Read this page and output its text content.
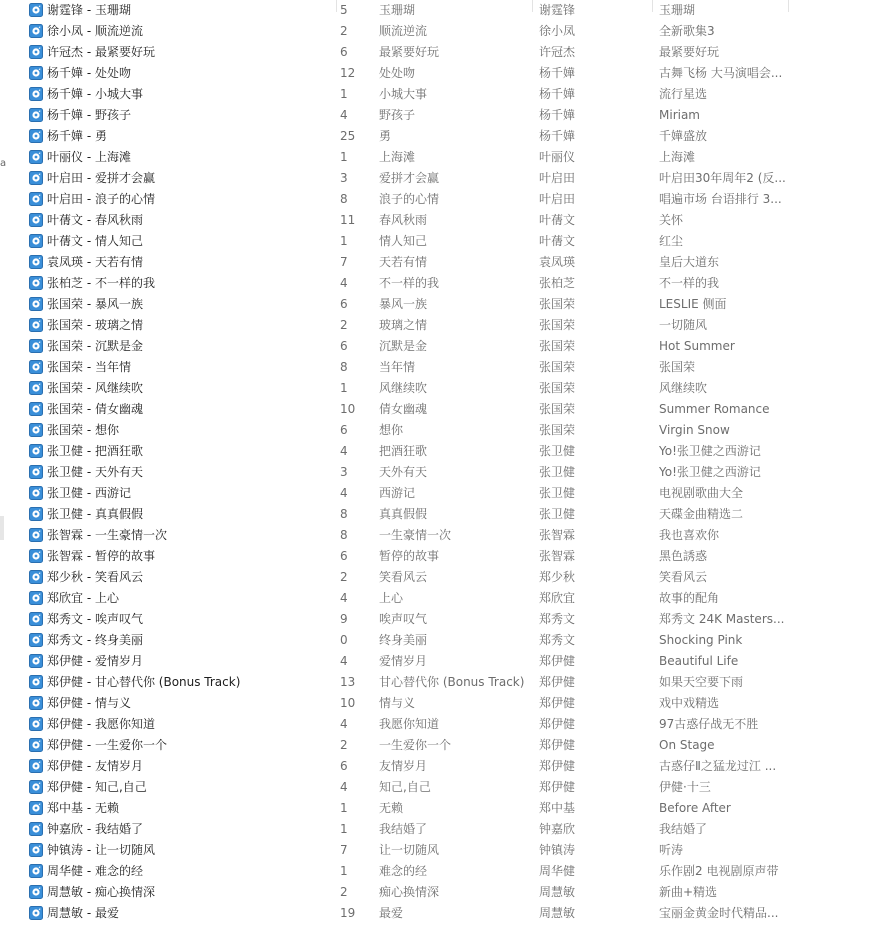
a
谢霆锋 - 玉珊瑚	5	玉珊瑚	谢霆锋	玉珊瑚
徐小凤 - 顺流逆流	2	顺流逆流	徐小凤	全新歌集3
许冠杰 - 最紧要好玩	6	最紧要好玩	许冠杰	最紧要好玩
杨千嬅 - 处处吻	12	处处吻	杨千嬅	古舞飞杨 大马演唱会...
杨千嬅 - 小城大事	1	小城大事	杨千嬅	流行星选
杨千嬅 - 野孩子	4	野孩子	杨千嬅	Miriam
杨千嬅 - 勇	25	勇	杨千嬅	千嬅盛放
叶丽仪 - 上海滩	1	上海滩	叶丽仪	上海滩
叶启田 - 爱拼才会赢	3	爱拼才会赢	叶启田	叶启田30年周年2 (反...
叶启田 - 浪子的心情	8	浪子的心情	叶启田	唱遍市场 台语排行 3...
叶蒨文 - 春风秋雨	11	春风秋雨	叶蒨文	关怀
叶蒨文 - 情人知己	1	情人知己	叶蒨文	红尘
袁凤瑛 - 天若有情	7	天若有情	袁凤瑛	皇后大道东
张柏芝 - 不一样的我	4	不一样的我	张柏芝	不一样的我
张国荣 - 暴风一族	6	暴风一族	张国荣	LESLIE 侧面
张国荣 - 玻璃之情	2	玻璃之情	张国荣	一切随风
张国荣 - 沉默是金	6	沉默是金	张国荣	Hot Summer
张国荣 - 当年情	8	当年情	张国荣	张国荣
张国荣 - 风继续吹	1	风继续吹	张国荣	风继续吹
张国荣 - 倩女幽魂	10	倩女幽魂	张国荣	Summer Romance
张国荣 - 想你	6	想你	张国荣	Virgin Snow
张卫健 - 把酒狂歌	4	把酒狂歌	张卫健	Yo!张卫健之西游记
张卫健 - 天外有天	3	天外有天	张卫健	Yo!张卫健之西游记
张卫健 - 西游记	4	西游记	张卫健	电视剧歌曲大全
张卫健 - 真真假假	8	真真假假	张卫健	天碟金曲精选二
张智霖 - 一生豪情一次	8	一生豪情一次	张智霖	我也喜欢你
张智霖 - 暂停的故事	6	暂停的故事	张智霖	黑色誘惑
郑少秋 - 笑看风云	2	笑看风云	郑少秋	笑看风云
郑欣宜 - 上心	4	上心	郑欣宜	故事的配角
郑秀文 - 唉声叹气	9	唉声叹气	郑秀文	郑秀文 24K Masters...
郑秀文 - 终身美丽	0	终身美丽	郑秀文	Shocking Pink
郑伊健 - 爱情岁月	4	爱情岁月	郑伊健	Beautiful Life
郑伊健 - 甘心替代你 (Bonus Track)	13	甘心替代你 (Bonus Track)	郑伊健	如果天空要下雨
郑伊健 - 情与义	10	情与义	郑伊健	戏中戏精选
郑伊健 - 我愿你知道	4	我愿你知道	郑伊健	97古惑仔战无不胜
郑伊健 - 一生爱你一个	2	一生爱你一个	郑伊健	On Stage
郑伊健 - 友情岁月	6	友情岁月	郑伊健	古惑仔Ⅱ之猛龙过江 ...
郑伊健 - 知己,自己	4	知己,自己	郑伊健	伊健·十三
郑中基 - 无赖	1	无赖	郑中基	Before After
钟嘉欣 - 我结婚了	1	我结婚了	钟嘉欣	我结婚了
钟镇涛 - 让一切随风	7	让一切随风	钟镇涛	听涛
周华健 - 难念的经	1	难念的经	周华健	乐作剧2 电视剧原声带
周慧敏 - 痴心换情深	2	痴心换情深	周慧敏	新曲+精选
周慧敏 - 最爱	19	最爱	周慧敏	宝丽金黄金时代精品...
